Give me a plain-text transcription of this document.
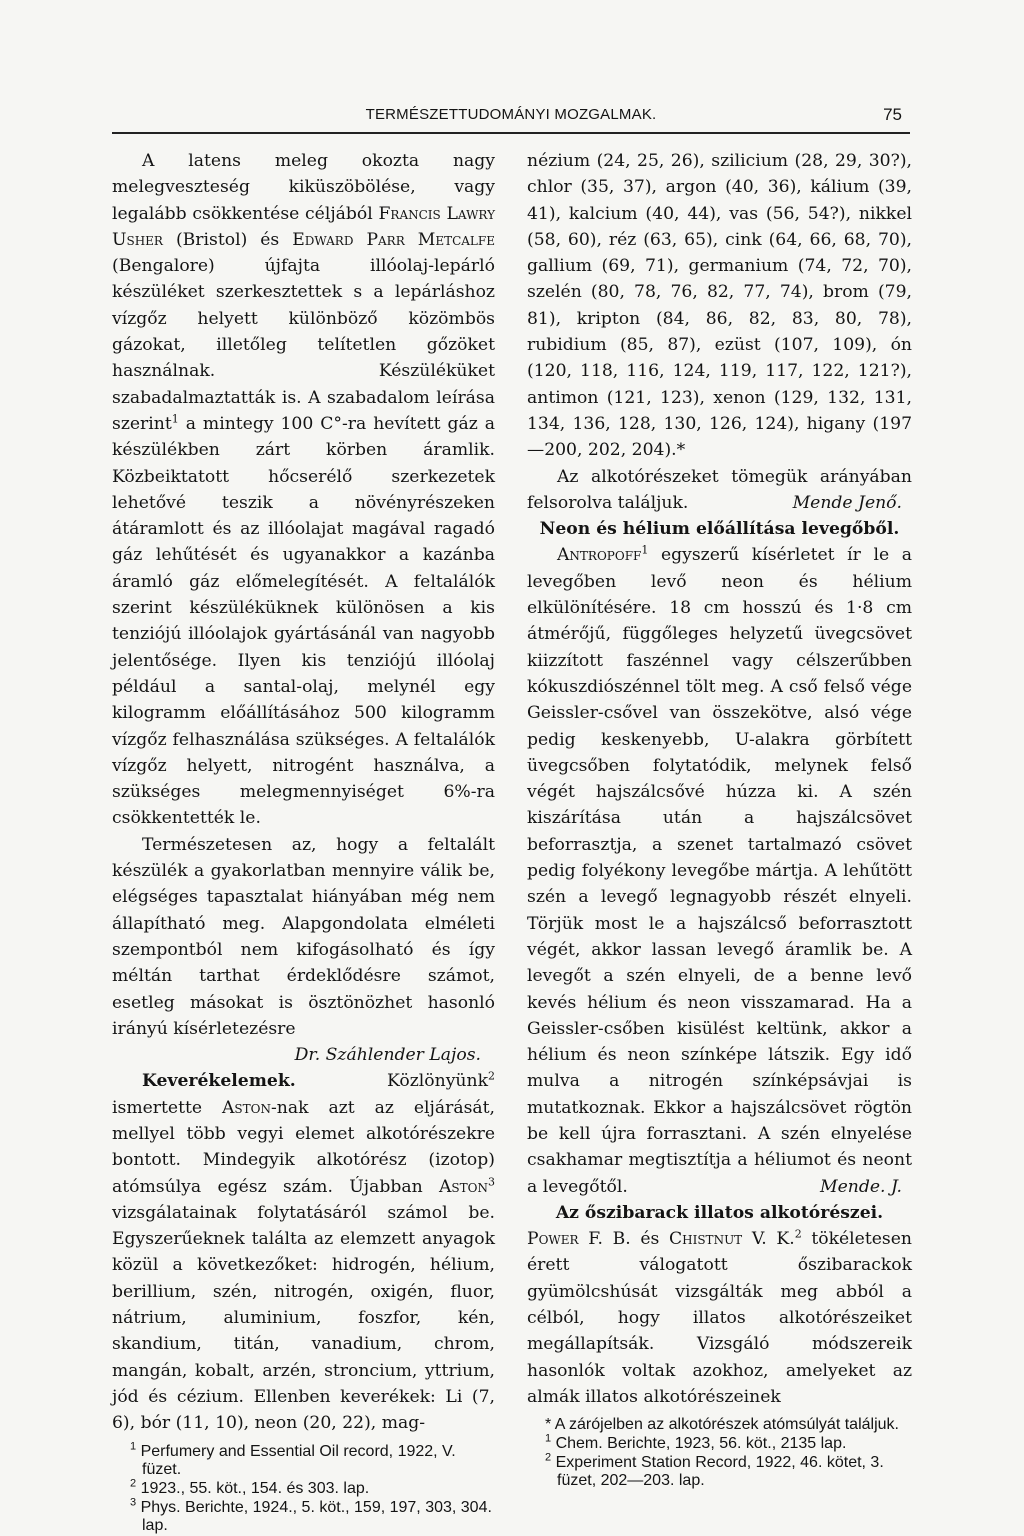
TERMÉSZETTUDOMÁNYI MOZGALMAK.	75

A latens meleg okozta nagy melegveszteség kiküszöbölése, vagy legalább csökkentése céljából Francis Lawry Usher (Bristol) és Edward Parr Metcalfe (Bengalore) újfajta illóolaj-lepárló készüléket szerkesztettek s a lepárláshoz vízgőz helyett különböző közömbös gázokat, illetőleg telítetlen gőzöket használnak. Készüléküket szabadalmaztatták is. A szabadalom leírása szerint$^1$ a mintegy 100 C°-ra hevített gáz a készülékben zárt körben áramlik. Közbeiktatott hőcserélő szerkezetek lehetővé teszik a növényrészeken átáramlott és az illóolajat magával ragadó gáz lehűtését és ugyanakkor a kazánba áramló gáz előmelegítését. A feltalálók szerint készüléküknek különösen a kis tenziójú illóolajok gyártásánál van nagyobb jelentősége. Ilyen kis tenziójú illóolaj például a santal-olaj, melynél egy kilogramm előállításához 500 kilogramm vízgőz felhasználása szükséges. A feltalálók vízgőz helyett, nitrogént használva, a szükséges melegmennyiséget 6%-ra csökkentették le.

Természetesen az, hogy a feltalált készülék a gyakorlatban mennyire válik be, elégséges tapasztalat hiányában még nem állapítható meg. Alapgondolata elméleti szempontból nem kifogásolható és így méltán tarthat érdeklődésre számot, esetleg másokat is ösztönözhet hasonló irányú kísérletezésre

Dr. Száhlender Lajos.

Keverékelemek. Közlönyünk$^2$ ismertette Aston-nak azt az eljárását, mellyel több vegyi elemet alkotórészekre bontott. Mindegyik alkotórész (izotop) atómsúlya egész szám. Újabban Aston$^3$ vizsgálatainak folytatásáról számol be. Egyszerűeknek találta az elemzett anyagok közül a következőket: hidrogén, hélium, berillium, szén, nitrogén, oxigén, fluor, nátrium, aluminium, foszfor, kén, skandium, titán, vanadium, chrom, mangán, kobalt, arzén, stroncium, yttrium, jód és cézium. Ellenben keverékek: Li (7, 6), bór (11, 10), neon (20, 22), mag-

$^1$ Perfumery and Essential Oil record, 1922, V. füzet.
$^2$ 1923., 55. köt., 154. és 303. lap.
$^3$ Phys. Berichte, 1924., 5. köt., 159, 197, 303, 304. lap.

nézium (24, 25, 26), szilicium (28, 29, 30?), chlor (35, 37), argon (40, 36), kálium (39, 41), kalcium (40, 44), vas (56, 54?), nikkel (58, 60), réz (63, 65), cink (64, 66, 68, 70), gallium (69, 71), germanium (74, 72, 70), szelén (80, 78, 76, 82, 77, 74), brom (79, 81), kripton (84, 86, 82, 83, 80, 78), rubidium (85, 87), ezüst (107, 109), ón (120, 118, 116, 124, 119, 117, 122, 121?), antimon (121, 123), xenon (129, 132, 131, 134, 136, 128, 130, 126, 124), higany (197—200, 202, 204).*

Az alkotórészeket tömegük arányában felsorolva találjuk.	Mende Jenő.

Neon és hélium előállítása levegőből.

Antropoff$^1$ egyszerű kísérletet ír le a levegőben levő neon és hélium elkülönítésére. 18 cm hosszú és 1·8 cm átmérőjű, függőleges helyzetű üvegcsövet kiizzított faszénnel vagy célszerűbben kókuszdiószénnel tölt meg. A cső felső vége Geissler-csővel van összekötve, alsó vége pedig keskenyebb, U-alakra görbített üvegcsőben folytatódik, melynek felső végét hajszálcsővé húzza ki. A szén kiszárítása után a hajszálcsövet beforrasztja, a szenet tartalmazó csövet pedig folyékony levegőbe mártja. A lehűtött szén a levegő legnagyobb részét elnyeli. Törjük most le a hajszálcső beforrasztott végét, akkor lassan levegő áramlik be. A levegőt a szén elnyeli, de a benne levő kevés hélium és neon visszamarad. Ha a Geissler-csőben kisülést keltünk, akkor a hélium és neon színképe látszik. Egy idő mulva a nitrogén színképsávjai is mutatkoznak. Ekkor a hajszálcsövet rögtön be kell újra forrasztani. A szén elnyelése csakhamar megtisztítja a héliumot és neont a levegőtől.	Mende. J.

Az őszibarack illatos alkotórészei.

Power F. B. és Chistnut V. K.$^2$ tökéletesen érett válogatott őszibarackok gyümölcshúsát vizsgálták meg abból a célból, hogy illatos alkotórészeiket megállapítsák. Vizsgáló módszereik hasonlók voltak azokhoz, amelyeket az almák illatos alkotórészeinek

* A zárójelben az alkotórészek atómsúlyát találjuk.
$^1$ Chem. Berichte, 1923, 56. köt., 2135 lap.
$^2$ Experiment Station Record, 1922, 46. kötet, 3. füzet, 202—203. lap.
